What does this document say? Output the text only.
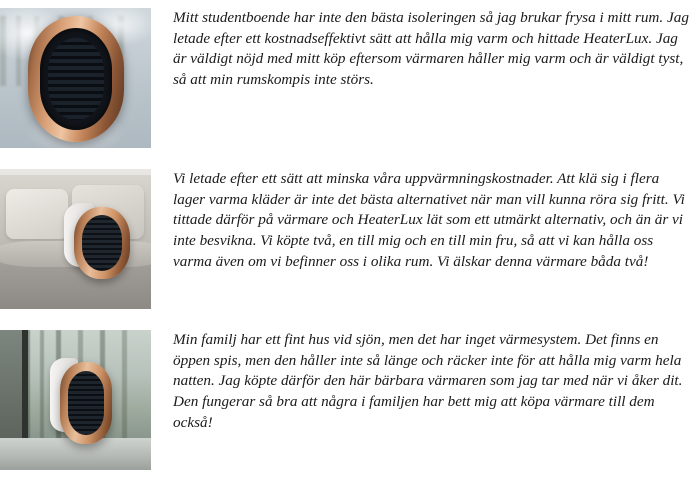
Mitt studentboende har inte den bästa isoleringen så jag brukar frysa i mitt rum. Jag letade efter ett kostnadseffektivt sätt att hålla mig varm och hittade HeaterLux. Jag är väldigt nöjd med mitt köp eftersom värmaren håller mig varm och är väldigt tyst, så att min rumskompis inte störs.
Vi letade efter ett sätt att minska våra uppvärmningskostnader. Att klä sig i flera lager varma kläder är inte det bästa alternativet när man vill kunna röra sig fritt. Vi tittade därför på värmare och HeaterLux lät som ett utmärkt alternativ, och än är vi inte besvikna. Vi köpte två, en till mig och en till min fru, så att vi kan hålla oss varma även om vi befinner oss i olika rum. Vi älskar denna värmare båda två!
Min familj har ett fint hus vid sjön, men det har inget värmesystem. Det finns en öppen spis, men den håller inte så länge och räcker inte för att hålla mig varm hela natten. Jag köpte därför den här bärbara värmaren som jag tar med när vi åker dit. Den fungerar så bra att några i familjen har bett mig att köpa värmare till dem också!
